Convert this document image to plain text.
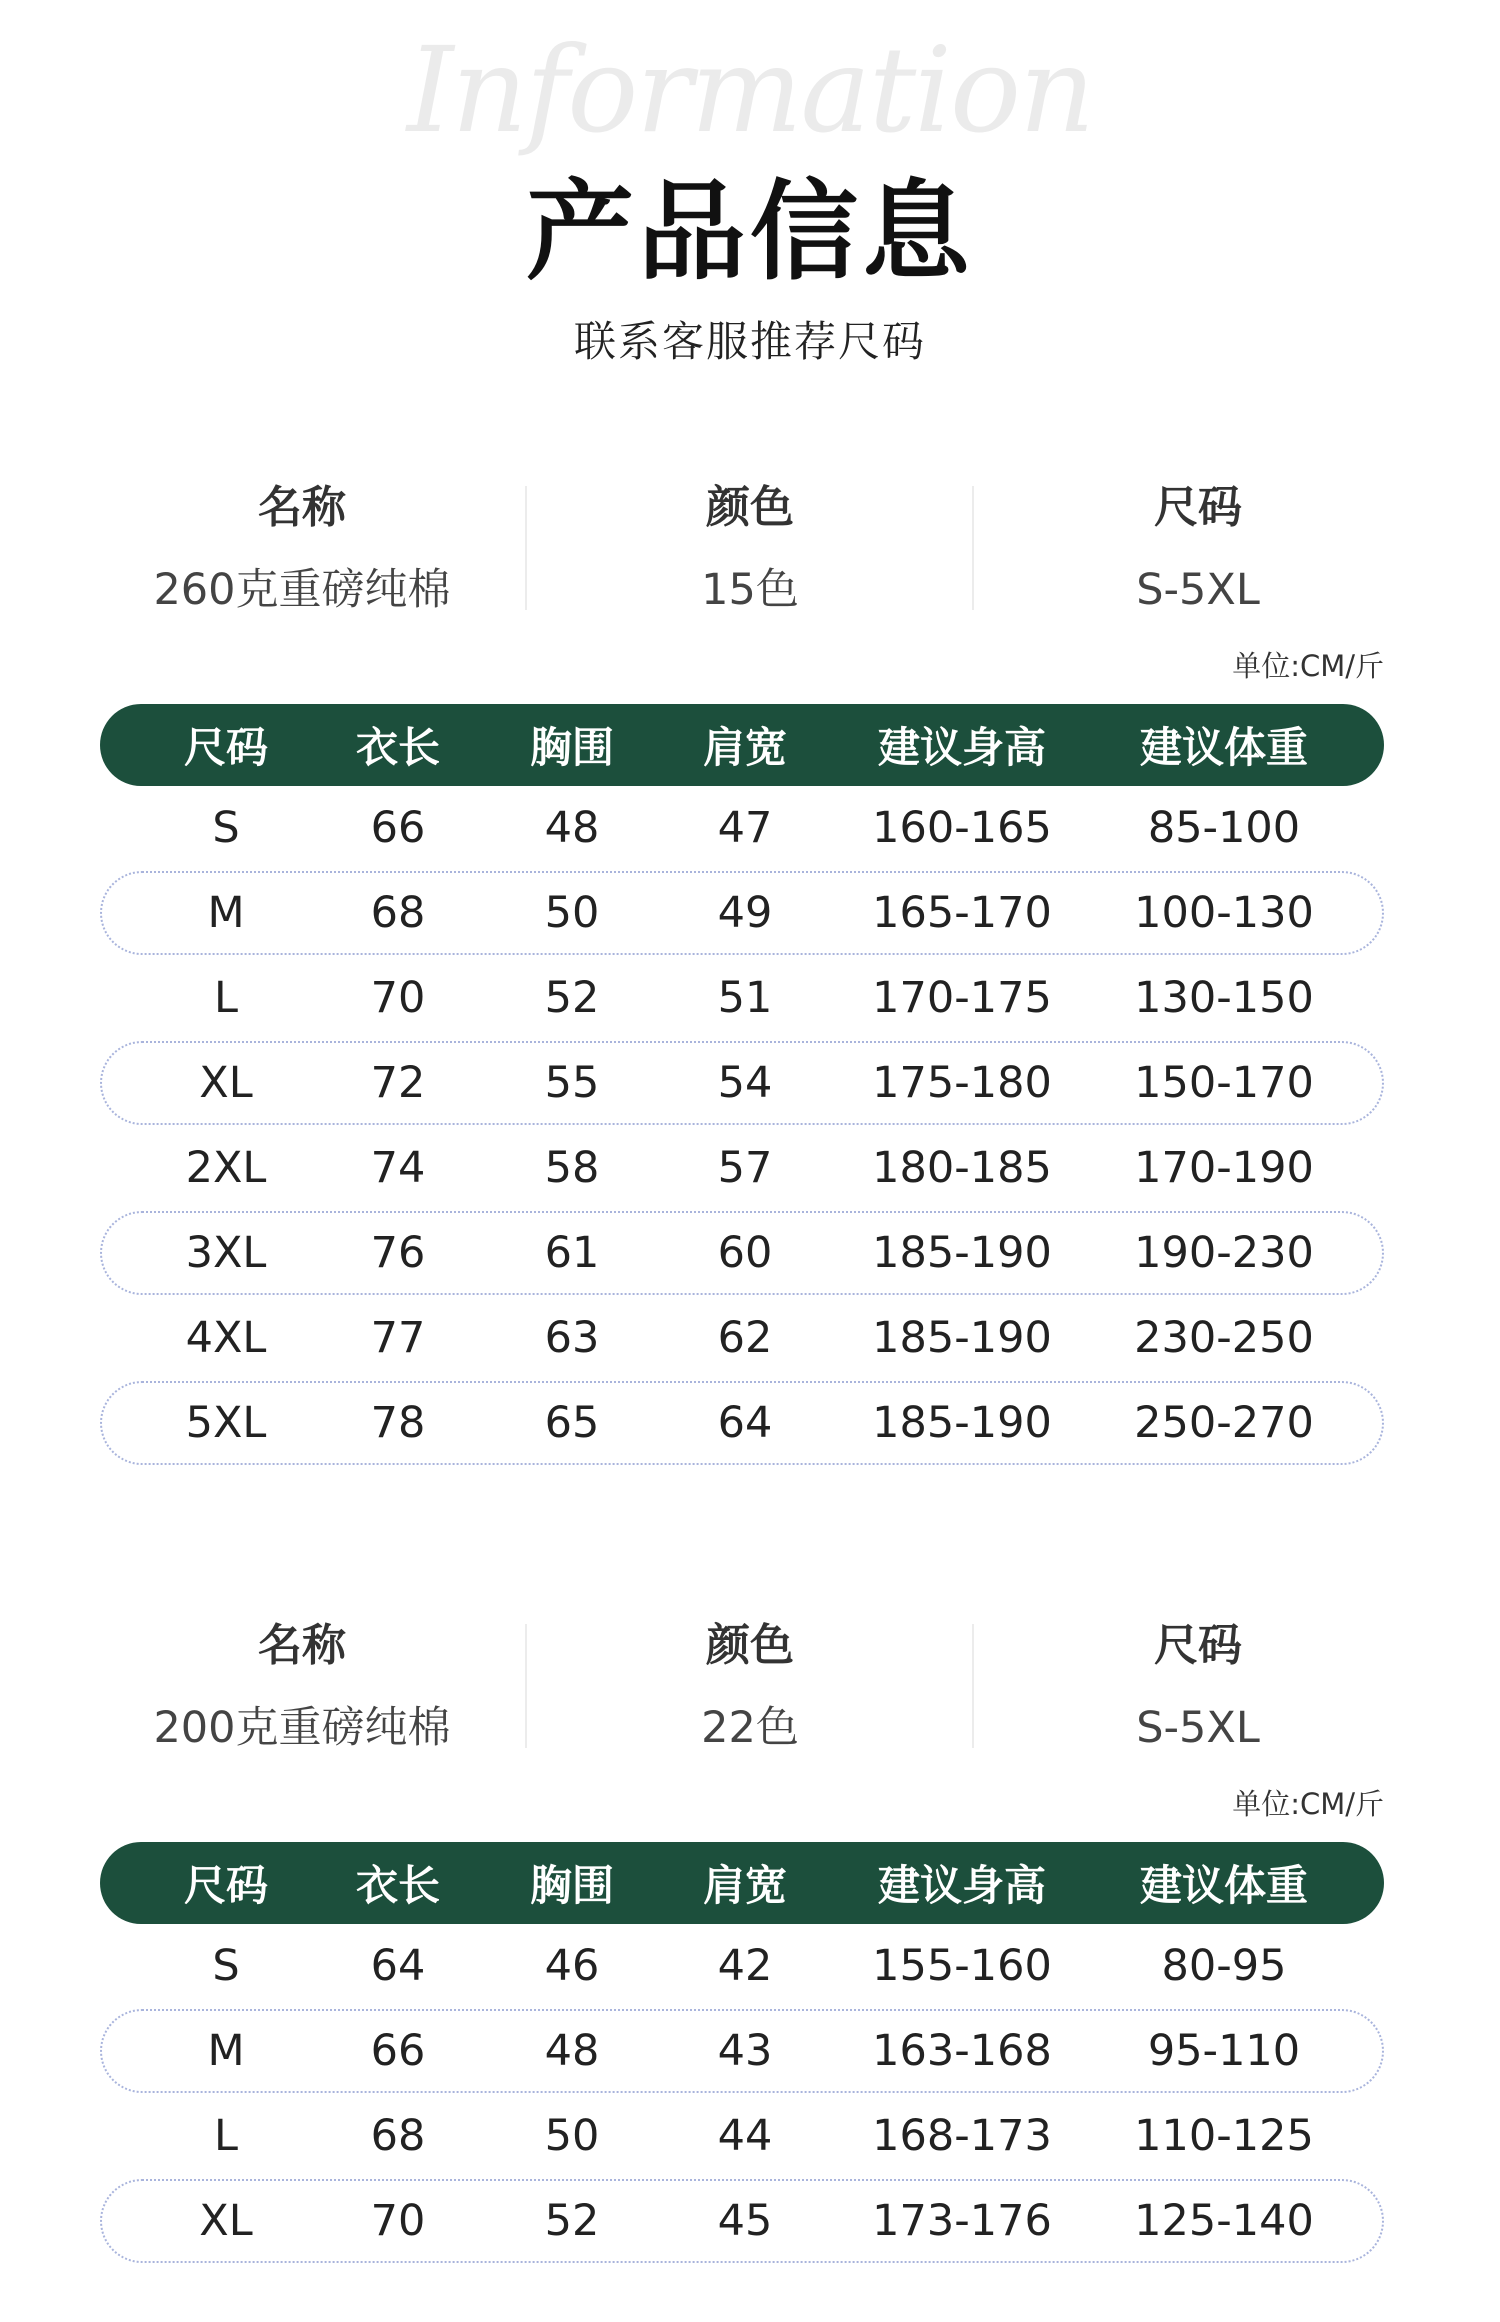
Information
产品信息
联系客服推荐尺码
名称
260克重磅纯棉
颜色
15色
尺码
S-5XL
单位:CM/斤
尺码	衣长	胸围	肩宽	建议身高 建议体重
S	66	48	47	160-165	85-100
M	68	50	49	165-170 100-130
L	70	52	51	170-175 130-150
XL	72	55	54	175-180 150-170
2XL	74	58	57	180-185 170-190
3XL	76	61	60	185-190 190-230
4XL	77	63	62	185-190 230-250
5XL	78	65	64	185-190 250-270
名称
200克重磅纯棉
颜色
22色
尺码
S-5XL
单位:CM/斤
尺码	衣长	胸围	肩宽	建议身高 建议体重
S	64	46	42	155-160	80-95
M	66	48	43	163-168	95-110
L	68	50	44	168-173 110-125
XL	70	52	45	173-176 125-140
